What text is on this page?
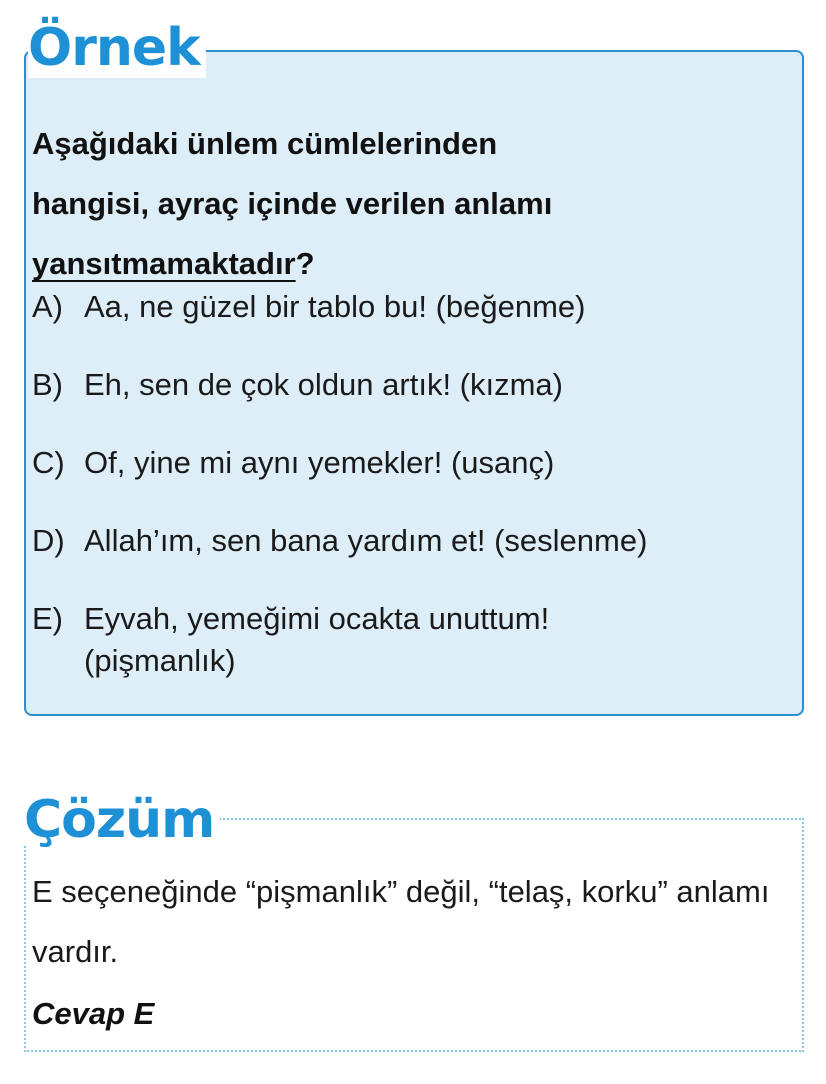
Örnek

Aşağıdaki ünlem cümlelerinden
hangisi, ayraç içinde verilen anlamı
yansıtmamaktadır?

A) Aa, ne güzel bir tablo bu! (beğenme)
B) Eh, sen de çok oldun artık! (kızma)
C) Of, yine mi aynı yemekler! (usanç)
D) Allah’ım, sen bana yardım et! (seslenme)
E) Eyvah, yemeğimi ocakta unuttum! (pişmanlık)
Çözüm

E seçeneğinde “pişmanlık” değil, “telaş, korku” anlamı vardır.

Cevap E
